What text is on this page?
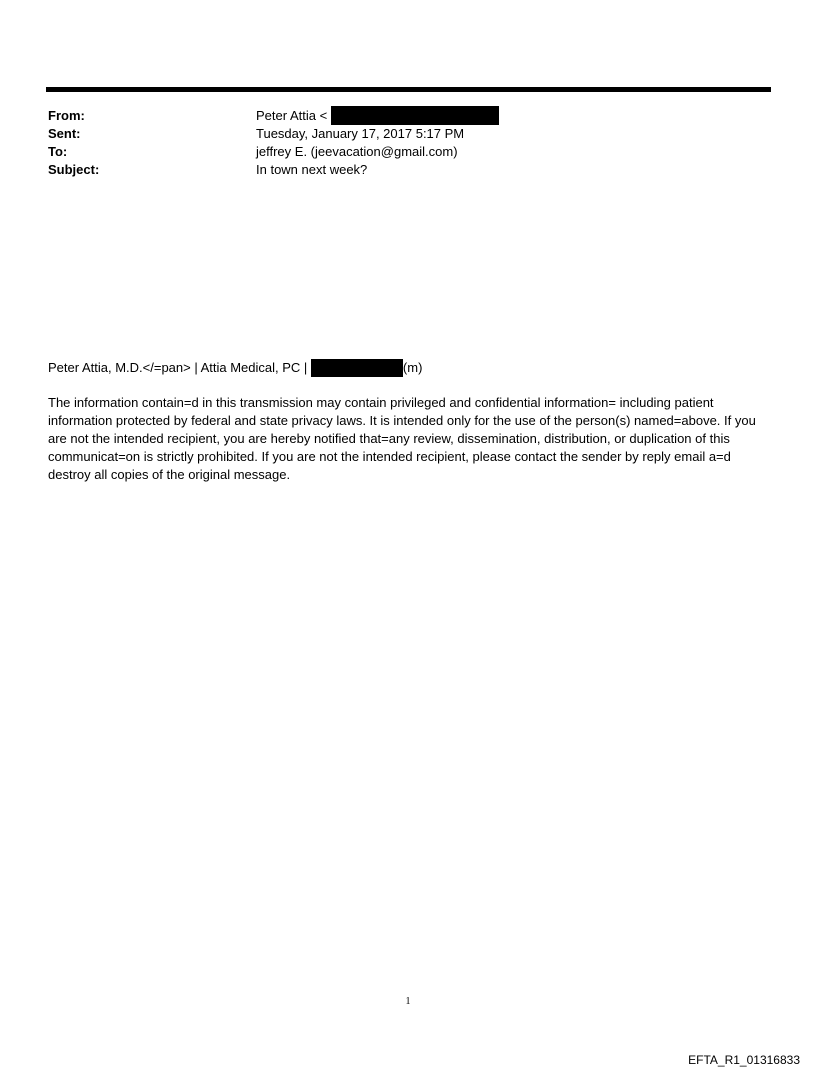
From:	Peter Attia <
Sent:	Tuesday, January 17, 2017 5:17 PM
To:	jeffrey E. (jeevacation@gmail.com)
Subject:	In town next week?
Peter Attia, M.D.</=pan> | Attia Medical, PC |	(m)
The information contain=d in this transmission may contain privileged and confidential information= including patient information protected by federal and state privacy laws. It is intended only for the use of the person(s) named=above. If you are not the intended recipient, you are hereby notified that=any review, dissemination, distribution, or duplication of this communicat=on is strictly prohibited. If you are not the intended recipient, please contact the sender by reply email a=d destroy all copies of the original message.
1
EFTA_R1_01316833
